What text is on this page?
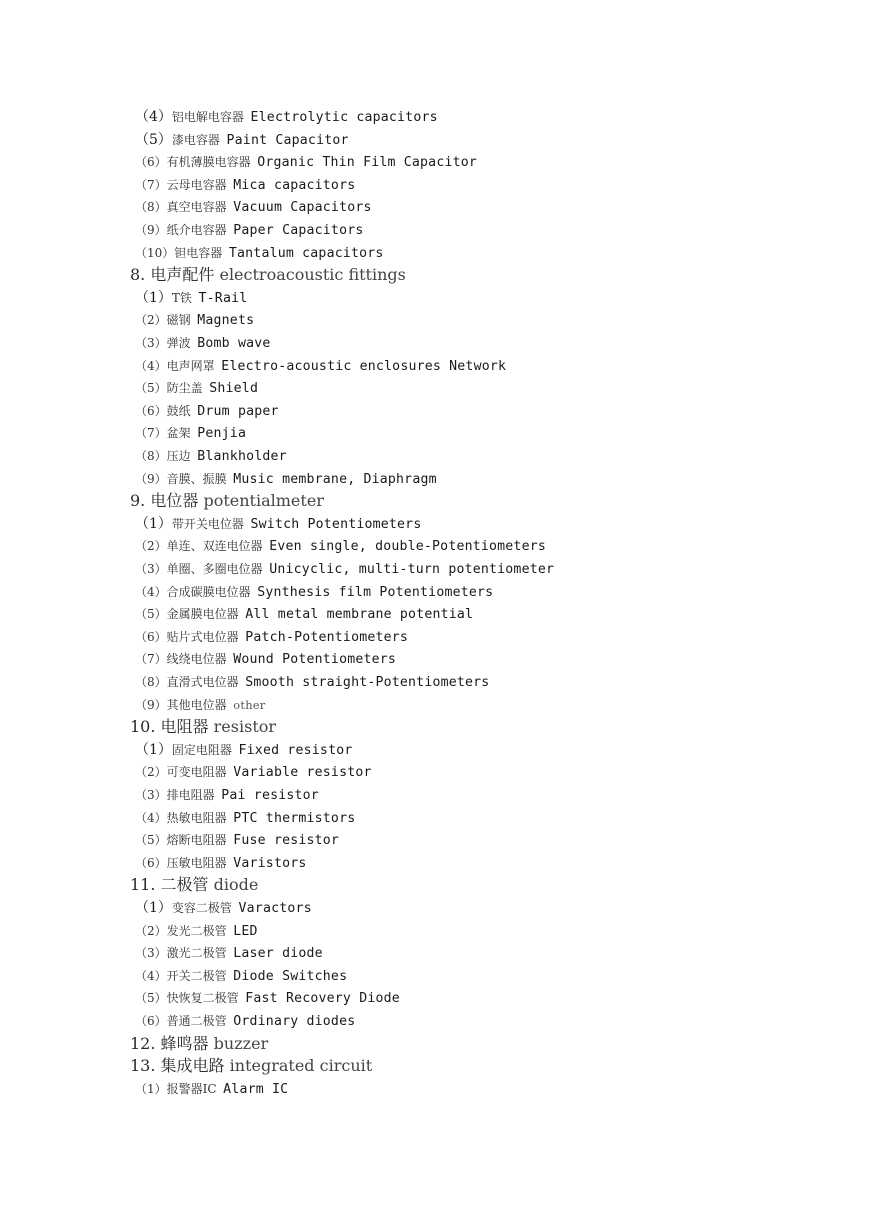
（4）铝电解电容器 Electrolytic capacitors
（5）漆电容器 Paint Capacitor
（6）有机薄膜电容器 Organic Thin Film Capacitor
（7）云母电容器 Mica capacitors
（8）真空电容器 Vacuum Capacitors
（9）纸介电容器 Paper Capacitors
（10）钽电容器 Tantalum capacitors
8. 电声配件 electroacoustic fittings
（1）T铁 T-Rail
（2）磁钢 Magnets
（3）弹波 Bomb wave
（4）电声网罩 Electro-acoustic enclosures Network
（5）防尘盖 Shield
（6）鼓纸 Drum paper
（7）盆架 Penjia
（8）压边 Blankholder
（9）音膜、振膜 Music membrane, Diaphragm
9. 电位器 potentialmeter
（1）带开关电位器 Switch Potentiometers
（2）单连、双连电位器 Even single, double-Potentiometers
（3）单圈、多圈电位器 Unicyclic, multi-turn potentiometer
（4）合成碳膜电位器 Synthesis film Potentiometers
（5）金属膜电位器 All metal membrane potential
（6）贴片式电位器 Patch-Potentiometers
（7）线绕电位器 Wound Potentiometers
（8）直滑式电位器 Smooth straight-Potentiometers
（9）其他电位器 other
10. 电阻器 resistor
（1）固定电阻器 Fixed resistor
（2）可变电阻器 Variable resistor
（3）排电阻器 Pai resistor
（4）热敏电阻器 PTC thermistors
（5）熔断电阻器 Fuse resistor
（6）压敏电阻器 Varistors
11. 二极管 diode
（1）变容二极管 Varactors
（2）发光二极管 LED
（3）激光二极管 Laser diode
（4）开关二极管 Diode Switches
（5）快恢复二极管 Fast Recovery Diode
（6）普通二极管 Ordinary diodes
12. 蜂鸣器 buzzer
13. 集成电路 integrated circuit
（1）报警器IC Alarm IC
